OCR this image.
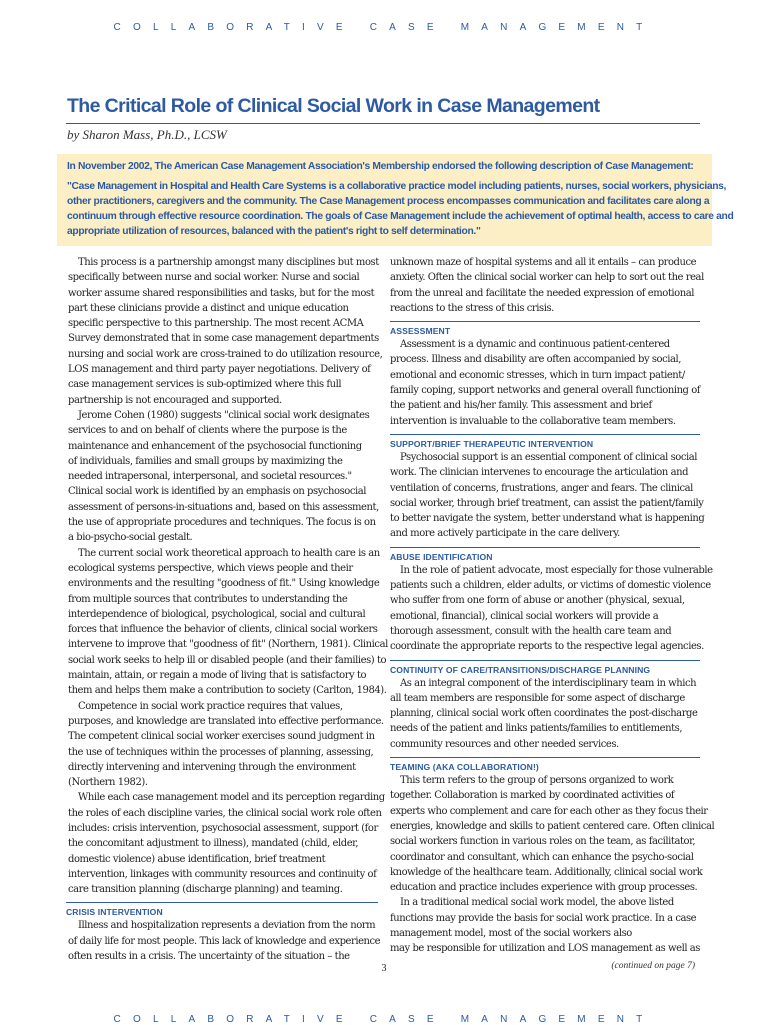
COLLABORATIVE CASE MANAGEMENT
The Critical Role of Clinical Social Work in Case Management
by Sharon Mass, Ph.D., LCSW

In November 2002, The American Case Management Association's Membership endorsed the following description of Case Management:

"Case Management in Hospital and Health Care Systems is a collaborative practice model including patients, nurses, social workers, physicians,

other practitioners, caregivers and the community. The Case Management process encompasses communication and facilitates care along a

continuum through effective resource coordination. The goals of Case Management include the achievement of optimal health, access to care and

appropriate utilization of resources, balanced with the patient's right to self determination."

This process is a partnership amongst many disciplines but most
specifically between nurse and social worker. Nurse and social
worker assume shared responsibilities and tasks, but for the most
part these clinicians provide a distinct and unique education
specific perspective to this partnership. The most recent ACMA
Survey demonstrated that in some case management departments
nursing and social work are cross-trained to do utilization resource,
LOS management and third party payer negotiations. Delivery of
case management services is sub-optimized where this full
partnership is not encouraged and supported.
Jerome Cohen (1980) suggests "clinical social work designates
services to and on behalf of clients where the purpose is the
maintenance and enhancement of the psychosocial functioning
of individuals, families and small groups by maximizing the
needed intrapersonal, interpersonal, and societal resources."
Clinical social work is identified by an emphasis on psychosocial
assessment of persons-in-situations and, based on this assessment,
the use of appropriate procedures and techniques. The focus is on
a bio-psycho-social gestalt.
The current social work theoretical approach to health care is an
ecological systems perspective, which views people and their
environments and the resulting "goodness of fit." Using knowledge
from multiple sources that contributes to understanding the
interdependence of biological, psychological, social and cultural
forces that influence the behavior of clients, clinical social workers
intervene to improve that "goodness of fit" (Northern, 1981). Clinical
social work seeks to help ill or disabled people (and their families) to
maintain, attain, or regain a mode of living that is satisfactory to
them and helps them make a contribution to society (Carlton, 1984).
Competence in social work practice requires that values,
purposes, and knowledge are translated into effective performance.
The competent clinical social worker exercises sound judgment in
the use of techniques within the processes of planning, assessing,
directly intervening and intervening through the environment
(Northern 1982).
While each case management model and its perception regarding
the roles of each discipline varies, the clinical social work role often
includes: crisis intervention, psychosocial assessment, support (for
the concomitant adjustment to illness), mandated (child, elder,
domestic violence) abuse identification, brief treatment
intervention, linkages with community resources and continuity of
care transition planning (discharge planning) and teaming.
CRISIS INTERVENTION
Illness and hospitalization represents a deviation from the norm
of daily life for most people. This lack of knowledge and experience
often results in a crisis. The uncertainty of the situation – the
unknown maze of hospital systems and all it entails – can produce
anxiety. Often the clinical social worker can help to sort out the real
from the unreal and facilitate the needed expression of emotional
reactions to the stress of this crisis.
ASSESSMENT
Assessment is a dynamic and continuous patient-centered
process. Illness and disability are often accompanied by social,
emotional and economic stresses, which in turn impact patient/
family coping, support networks and general overall functioning of
the patient and his/her family. This assessment and brief
intervention is invaluable to the collaborative team members.
SUPPORT/BRIEF THERAPEUTIC INTERVENTION
Psychosocial support is an essential component of clinical social
work. The clinician intervenes to encourage the articulation and
ventilation of concerns, frustrations, anger and fears. The clinical
social worker, through brief treatment, can assist the patient/family
to better navigate the system, better understand what is happening
and more actively participate in the care delivery.
ABUSE IDENTIFICATION
In the role of patient advocate, most especially for those vulnerable
patients such a children, elder adults, or victims of domestic violence
who suffer from one form of abuse or another (physical, sexual,
emotional, financial), clinical social workers will provide a
thorough assessment, consult with the health care team and
coordinate the appropriate reports to the respective legal agencies.
CONTINUITY OF CARE/TRANSITIONS/DISCHARGE PLANNING
As an integral component of the interdisciplinary team in which
all team members are responsible for some aspect of discharge
planning, clinical social work often coordinates the post-discharge
needs of the patient and links patients/families to entitlements,
community resources and other needed services.
TEAMING (AKA COLLABORATION!)
This term refers to the group of persons organized to work
together. Collaboration is marked by coordinated activities of
experts who complement and care for each other as they focus their
energies, knowledge and skills to patient centered care. Often clinical
social workers function in various roles on the team, as facilitator,
coordinator and consultant, which can enhance the psycho-social
knowledge of the healthcare team. Additionally, clinical social work
education and practice includes experience with group processes.
In a traditional medical social work model, the above listed
functions may provide the basis for social work practice. In a case
management model, most of the social workers also
may be responsible for utilization and LOS management as well as
3	(continued on page 7)
COLLABORATIVE CASE MANAGEMENT
